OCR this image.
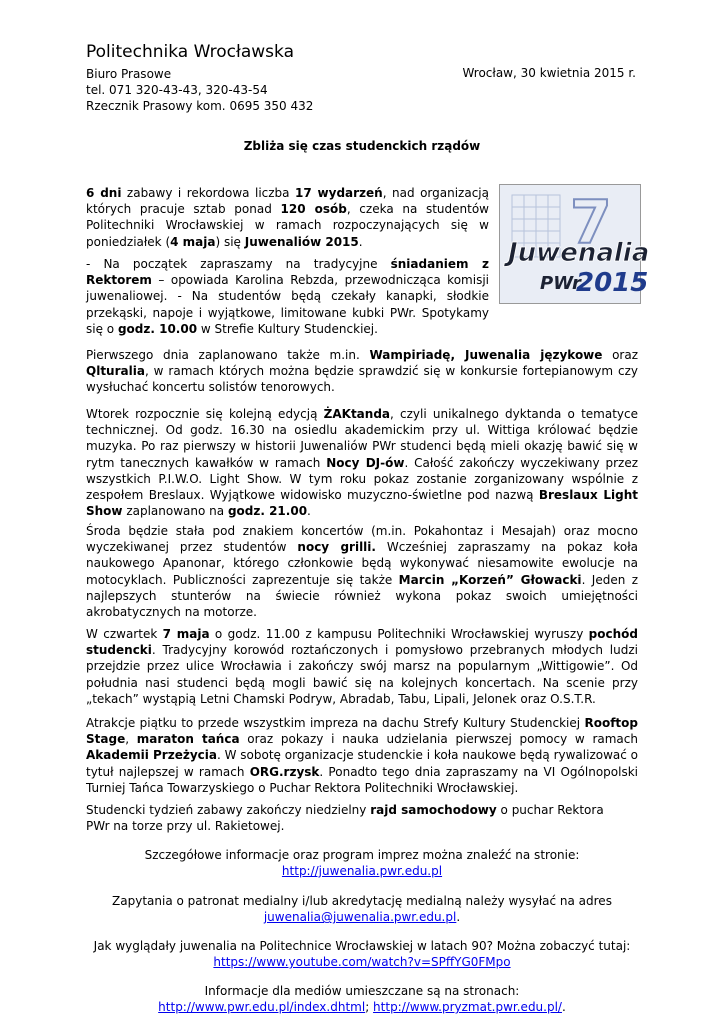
Politechnika Wrocławska
Biuro Prasowe
tel. 071 320-43-43, 320-43-54
Rzecznik Prasowy kom. 0695 350 432
Wrocław, 30 kwietnia 2015 r.
Zbliża się czas studenckich rządów
7
Juwenalia
PWr
2015

6 dni zabawy i rekordowa liczba 17 wydarzeń, nad organizacją których pracuje sztab ponad 120 osób, czeka na studentów Politechniki Wrocławskiej w ramach rozpoczynających się w poniedziałek (4 maja) się Juwenaliów 2015.

- Na początek zapraszamy na tradycyjne śniadaniem z Rektorem – opowiada Karolina Rebzda, przewodnicząca komisji juwenaliowej. - Na studentów będą czekały kanapki, słodkie przekąski, napoje i wyjątkowe, limitowane kubki PWr. Spotykamy się o godz. 10.00 w Strefie Kultury Studenckiej.

Pierwszego dnia zaplanowano także m.in. Wampiriadę, Juwenalia językowe oraz Qlturalia, w ramach których można będzie sprawdzić się w konkursie fortepianowym czy wysłuchać koncertu solistów tenorowych.

Wtorek rozpocznie się kolejną edycją ŻAKtanda, czyli unikalnego dyktanda o tematyce technicznej. Od godz. 16.30 na osiedlu akademickim przy ul. Wittiga królować będzie muzyka. Po raz pierwszy w historii Juwenaliów PWr studenci będą mieli okazję bawić się w rytm tanecznych kawałków w ramach Nocy DJ-ów. Całość zakończy wyczekiwany przez wszystkich P.I.W.O. Light Show. W tym roku pokaz zostanie zorganizowany wspólnie z zespołem Breslaux. Wyjątkowe widowisko muzyczno-świetlne pod nazwą Breslaux Light Show zaplanowano na godz. 21.00.

Środa będzie stała pod znakiem koncertów (m.in. Pokahontaz i Mesajah) oraz mocno wyczekiwanej przez studentów nocy grilli. Wcześniej zapraszamy na pokaz koła naukowego Apanonar, którego członkowie będą wykonywać niesamowite ewolucje na motocyklach. Publiczności zaprezentuje się także Marcin „Korzeń” Głowacki. Jeden z najlepszych stunterów na świecie również wykona pokaz swoich umiejętności akrobatycznych na motorze.

W czwartek 7 maja o godz. 11.00 z kampusu Politechniki Wrocławskiej wyruszy pochód studencki. Tradycyjny korowód roztańczonych i pomysłowo przebranych młodych ludzi przejdzie przez ulice Wrocławia i zakończy swój marsz na popularnym „Wittigowie”. Od południa nasi studenci będą mogli bawić się na kolejnych koncertach. Na scenie przy „tekach” wystąpią Letni Chamski Podryw, Abradab, Tabu, Lipali, Jelonek oraz O.S.T.R.

Atrakcje piątku to przede wszystkim impreza na dachu Strefy Kultury Studenckiej Rooftop Stage, maraton tańca oraz pokazy i nauka udzielania pierwszej pomocy w ramach Akademii Przeżycia. W sobotę organizacje studenckie i koła naukowe będą rywalizować o tytuł najlepszej w ramach ORG.rzysk. Ponadto tego dnia zapraszamy na VI Ogólnopolski Turniej Tańca Towarzyskiego o Puchar Rektora Politechniki Wrocławskiej.

Studencki tydzień zabawy zakończy niedzielny rajd samochodowy o puchar Rektora PWr na torze przy ul. Rakietowej.

Szczegółowe informacje oraz program imprez można znaleźć na stronie:
http://juwenalia.pwr.edu.pl

Zapytania o patronat medialny i/lub akredytację medialną należy wysyłać na adres
juwenalia@juwenalia.pwr.edu.pl.

Jak wyglądały juwenalia na Politechnice Wrocławskiej w latach 90? Można zobaczyć tutaj:
https://www.youtube.com/watch?v=SPffYG0FMpo

Informacje dla mediów umieszczane są na stronach:
http://www.pwr.edu.pl/index.dhtml; http://www.pryzmat.pwr.edu.pl/.
